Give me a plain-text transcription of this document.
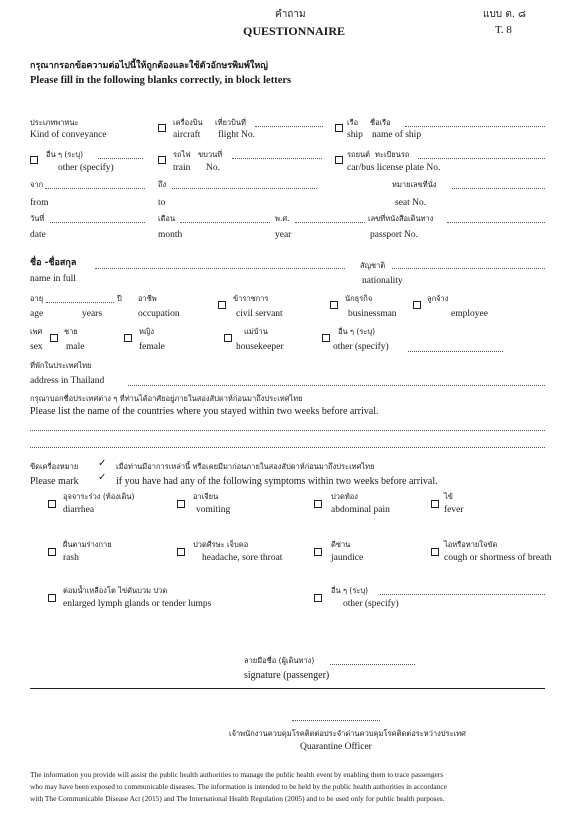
คำถาม
QUESTIONNAIRE
แบบ ต. ๘
T. 8
กรุณากรอกข้อความต่อไปนี้ให้ถูกต้องและใช้ตัวอักษรพิมพ์ใหญ่
Please fill in the following blanks correctly, in block letters
ประเภทพาหนะ
Kind of conveyance
เครื่องบิน
aircraft
เที่ยวบินที่
flight No.
เรือ ชื่อเรือ
ship name of ship
อื่น ๆ (ระบุ)
other (specify)
รถไฟ ขบวนที่
train No.
รถยนต์ ทะเบียนรถ
car/bus license plate No.
จาก
from
ถึง
to
หมายเลขที่นั่ง
seat No.
วันที่
date
เดือน
month
พ.ศ.
year
เลขที่หนังสือเดินทาง
passport No.
ชื่อ -ชื่อสกุล
name in full
สัญชาติ
nationality
อายุ	ปี
age	years
อาชีพ
occupation
ข้าราชการ
civil servant
นักธุรกิจ
businessman
ลูกจ้าง
employee
เพศ
sex
ชาย
male
หญิง
female
แม่บ้าน
housekeeper
อื่น ๆ (ระบุ)
other (specify)
ที่พักในประเทศไทย
address in Thailand
กรุณาบอกชื่อประเทศต่าง ๆ ที่ท่านได้อาศัยอยู่ภายในสองสัปดาห์ก่อนมาถึงประเทศไทย
Please list the name of the countries where you stayed within two weeks before arrival.
ขีดเครื่องหมาย ✓ เมื่อท่านมีอาการเหล่านี้ หรือเคยมีมาก่อนภายในสองสัปดาห์ก่อนมาถึงประเทศไทย
Please mark ✓ if you have had any of the following symptoms within two weeks before arrival.
อุจจาระร่วง (ท้องเดิน)
diarrhea
อาเจียน
vomiting
ปวดท้อง
abdominal pain
ไข้
fever
ผื่นตามร่างกาย
rash
ปวดศีรษะ เจ็บคอ
headache, sore throat
ดีซ่าน
jaundice
ไอหรือหายใจขัด
cough or shortness of breath
ต่อมน้ำเหลืองโต ไข่ดันบวม ปวด
enlarged lymph glands or tender lumps
อื่น ๆ (ระบุ)
other (specify)
ลายมือชื่อ (ผู้เดินทาง)
signature (passenger)
เจ้าพนักงานควบคุมโรคติดต่อประจำด่านควบคุมโรคติดต่อระหว่างประเทศ
Quarantine Officer
The information you provide will assist the public health authorities to manage the public health event by enabling them to trace passengers
who may have been exposed to communicable diseases. The information is intended to be held by the public health authorities in accordance
with The Communicable Disease Act (2015) and The International Health Regulation (2005) and to be used only for public health purposes.
